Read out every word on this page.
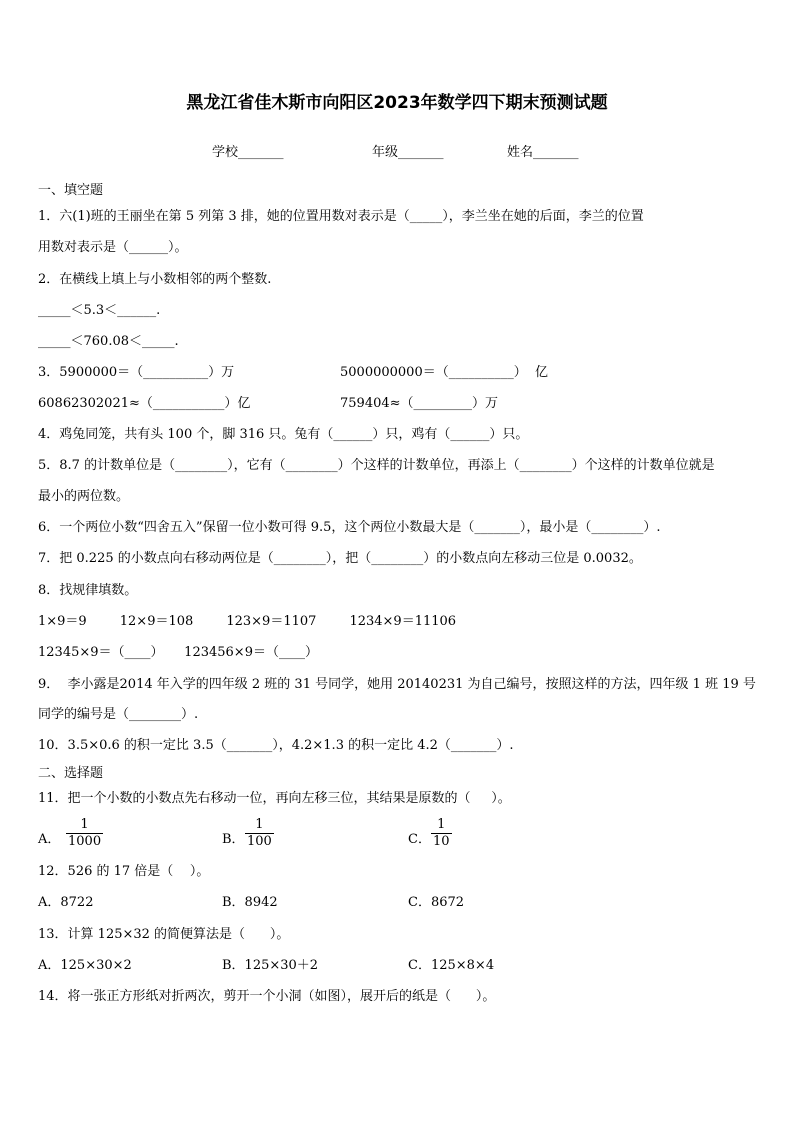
黑龙江省佳木斯市向阳区2023年数学四下期末预测试题
学校_______	年级_______	姓名_______
一、填空题
1．六(1)班的王丽坐在第 5 列第 3 排，她的位置用数对表示是（_____），李兰坐在她的后面，李兰的位置
用数对表示是（______）。
2．在横线上填上与小数相邻的两个整数.
_____＜5.3＜______.
_____＜760.08＜_____.
3．5900000＝（__________）万	5000000000＝（__________）  亿
60862302021≈（___________）亿	759404≈（_________）万
4．鸡兔同笼，共有头 100 个，脚 316 只。兔有（______）只，鸡有（______）只。
5．8.7 的计数单位是（________），它有（________）个这样的计数单位，再添上（________）个这样的计数单位就是
最小的两位数。
6．一个两位小数“四舍五入”保留一位小数可得 9.5，这个两位小数最大是（_______），最小是（________）.
7．把 0.225 的小数点向右移动两位是（________），把（________）的小数点向左移动三位是 0.0032。
8．找规律填数。
1×9＝9        12×9＝108        123×9＝1107        1234×9＝11106
12345×9＝（____）     123456×9＝（____）
9．  李小露是2014 年入学的四年级 2 班的 31 号同学，她用 20140231 为自己编号，按照这样的方法，四年级 1 班 19 号
同学的编号是（________）.
10．3.5×0.6 的积一定比 3.5（_______），4.2×1.3 的积一定比 4.2（_______）.
二、选择题
11．把一个小数的小数点先右移动一位，再向左移三位，其结果是原数的（     ）。
A．
1
1000	B．
1
100	C．
1
10
12．526 的 17 倍是（    ）。
A．8722	B．8942	C．8672
13．计算 125×32 的简便算法是（      ）。
A．125×30×2	B．125×30＋2	C．125×8×4
14．将一张正方形纸对折两次，剪开一个小洞（如图），展开后的纸是（      ）。
